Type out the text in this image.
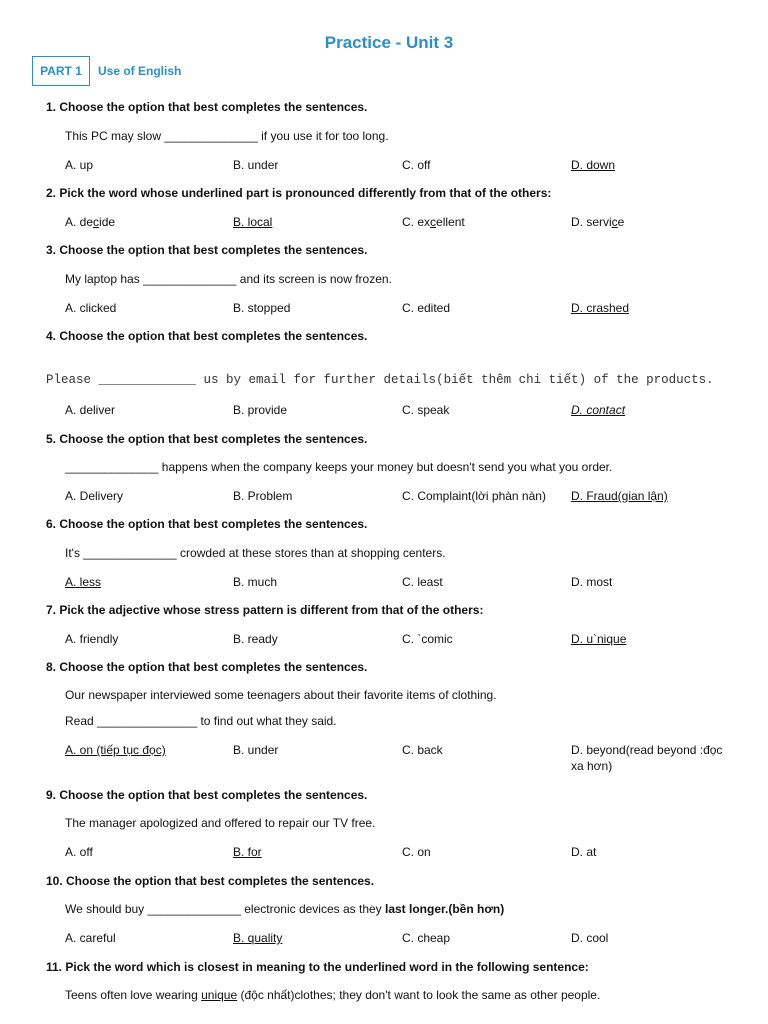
Practice - Unit 3
PART 1	Use of English
1. Choose the option that best completes the sentences.
This PC may slow ______________ if you use it for too long.
A. up	B. under	C. off	D. down
2. Pick the word whose underlined part is pronounced differently from that of the others:
A. decide	B. local	C. excellent	D. service
3. Choose the option that best completes the sentences.
My laptop has ______________ and its screen is now frozen.
A. clicked	B. stopped	C. edited	D. crashed
4. Choose the option that best completes the sentences.
Please _____________ us by email for further details(biết thêm chi tiết) of the products.
A. deliver	B. provide	C. speak	D. contact
5. Choose the option that best completes the sentences.
______________ happens when the company keeps your money but doesn't send you what you order.
A. Delivery	B. Problem	C. Complaint(lời phàn nàn) D. Fraud(gian lận)
6. Choose the option that best completes the sentences.
It's ______________ crowded at these stores than at shopping centers.
A. less	B. much	C. least	D. most
7. Pick the adjective whose stress pattern is different from that of the others:
A. friendly	B. ready	C. `comic	D. u`nique
8. Choose the option that best completes the sentences.
Our newspaper interviewed some teenagers about their favorite items of clothing.
Read _______________ to find out what they said.
A. on (tiếp tục đọc)	B. under	C. back	D. beyond(read beyond :đọc xa hơn)
9. Choose the option that best completes the sentences.
The manager apologized and offered to repair our TV free.
A. off	B. for	C. on	D. at
10. Choose the option that best completes the sentences.
We should buy ______________ electronic devices as they last longer.(bền hơn)
A. careful	B. quality	C. cheap	D. cool
11. Pick the word which is closest in meaning to the underlined word in the following sentence:
Teens often love wearing unique (độc nhất)clothes; they don't want to look the same as other people.
